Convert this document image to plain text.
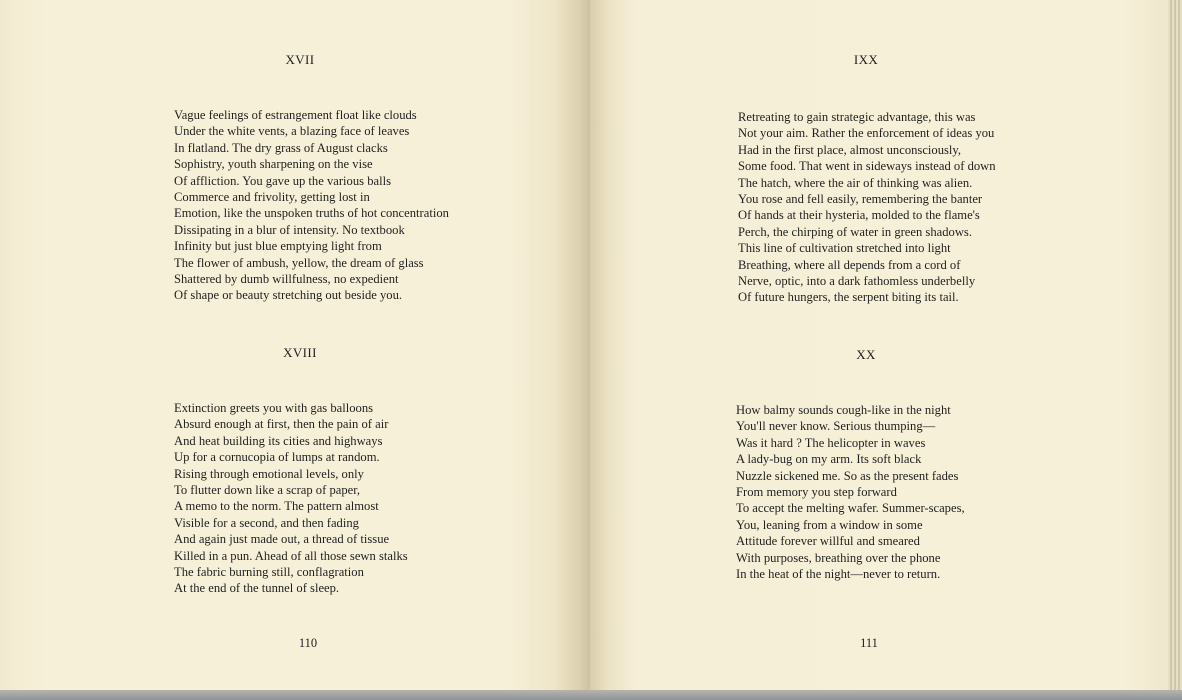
XVII
Vague feelings of estrangement float like clouds
Under the white vents, a blazing face of leaves
In flatland. The dry grass of August clacks
Sophistry, youth sharpening on the vise
Of affliction. You gave up the various balls
Commerce and frivolity, getting lost in
Emotion, like the unspoken truths of hot concentration
Dissipating in a blur of intensity. No textbook
Infinity but just blue emptying light from
The flower of ambush, yellow, the dream of glass
Shattered by dumb willfulness, no expedient
Of shape or beauty stretching out beside you.
XVIII
Extinction greets you with gas balloons
Absurd enough at first, then the pain of air
And heat building its cities and highways
Up for a cornucopia of lumps at random.
Rising through emotional levels, only
To flutter down like a scrap of paper,
A memo to the norm. The pattern almost
Visible for a second, and then fading
And again just made out, a thread of tissue
Killed in a pun. Ahead of all those sewn stalks
The fabric burning still, conflagration
At the end of the tunnel of sleep.
110
IXX
Retreating to gain strategic advantage, this was
Not your aim. Rather the enforcement of ideas you
Had in the first place, almost unconsciously,
Some food. That went in sideways instead of down
The hatch, where the air of thinking was alien.
You rose and fell easily, remembering the banter
Of hands at their hysteria, molded to the flame's
Perch, the chirping of water in green shadows.
This line of cultivation stretched into light
Breathing, where all depends from a cord of
Nerve, optic, into a dark fathomless underbelly
Of future hungers, the serpent biting its tail.
XX
How balmy sounds cough-like in the night
You'll never know. Serious thumping—
Was it hard ? The helicopter in waves
A lady-bug on my arm. Its soft black
Nuzzle sickened me. So as the present fades
From memory you step forward
To accept the melting wafer. Summer-scapes,
You, leaning from a window in some
Attitude forever willful and smeared
With purposes, breathing over the phone
In the heat of the night—never to return.
111
